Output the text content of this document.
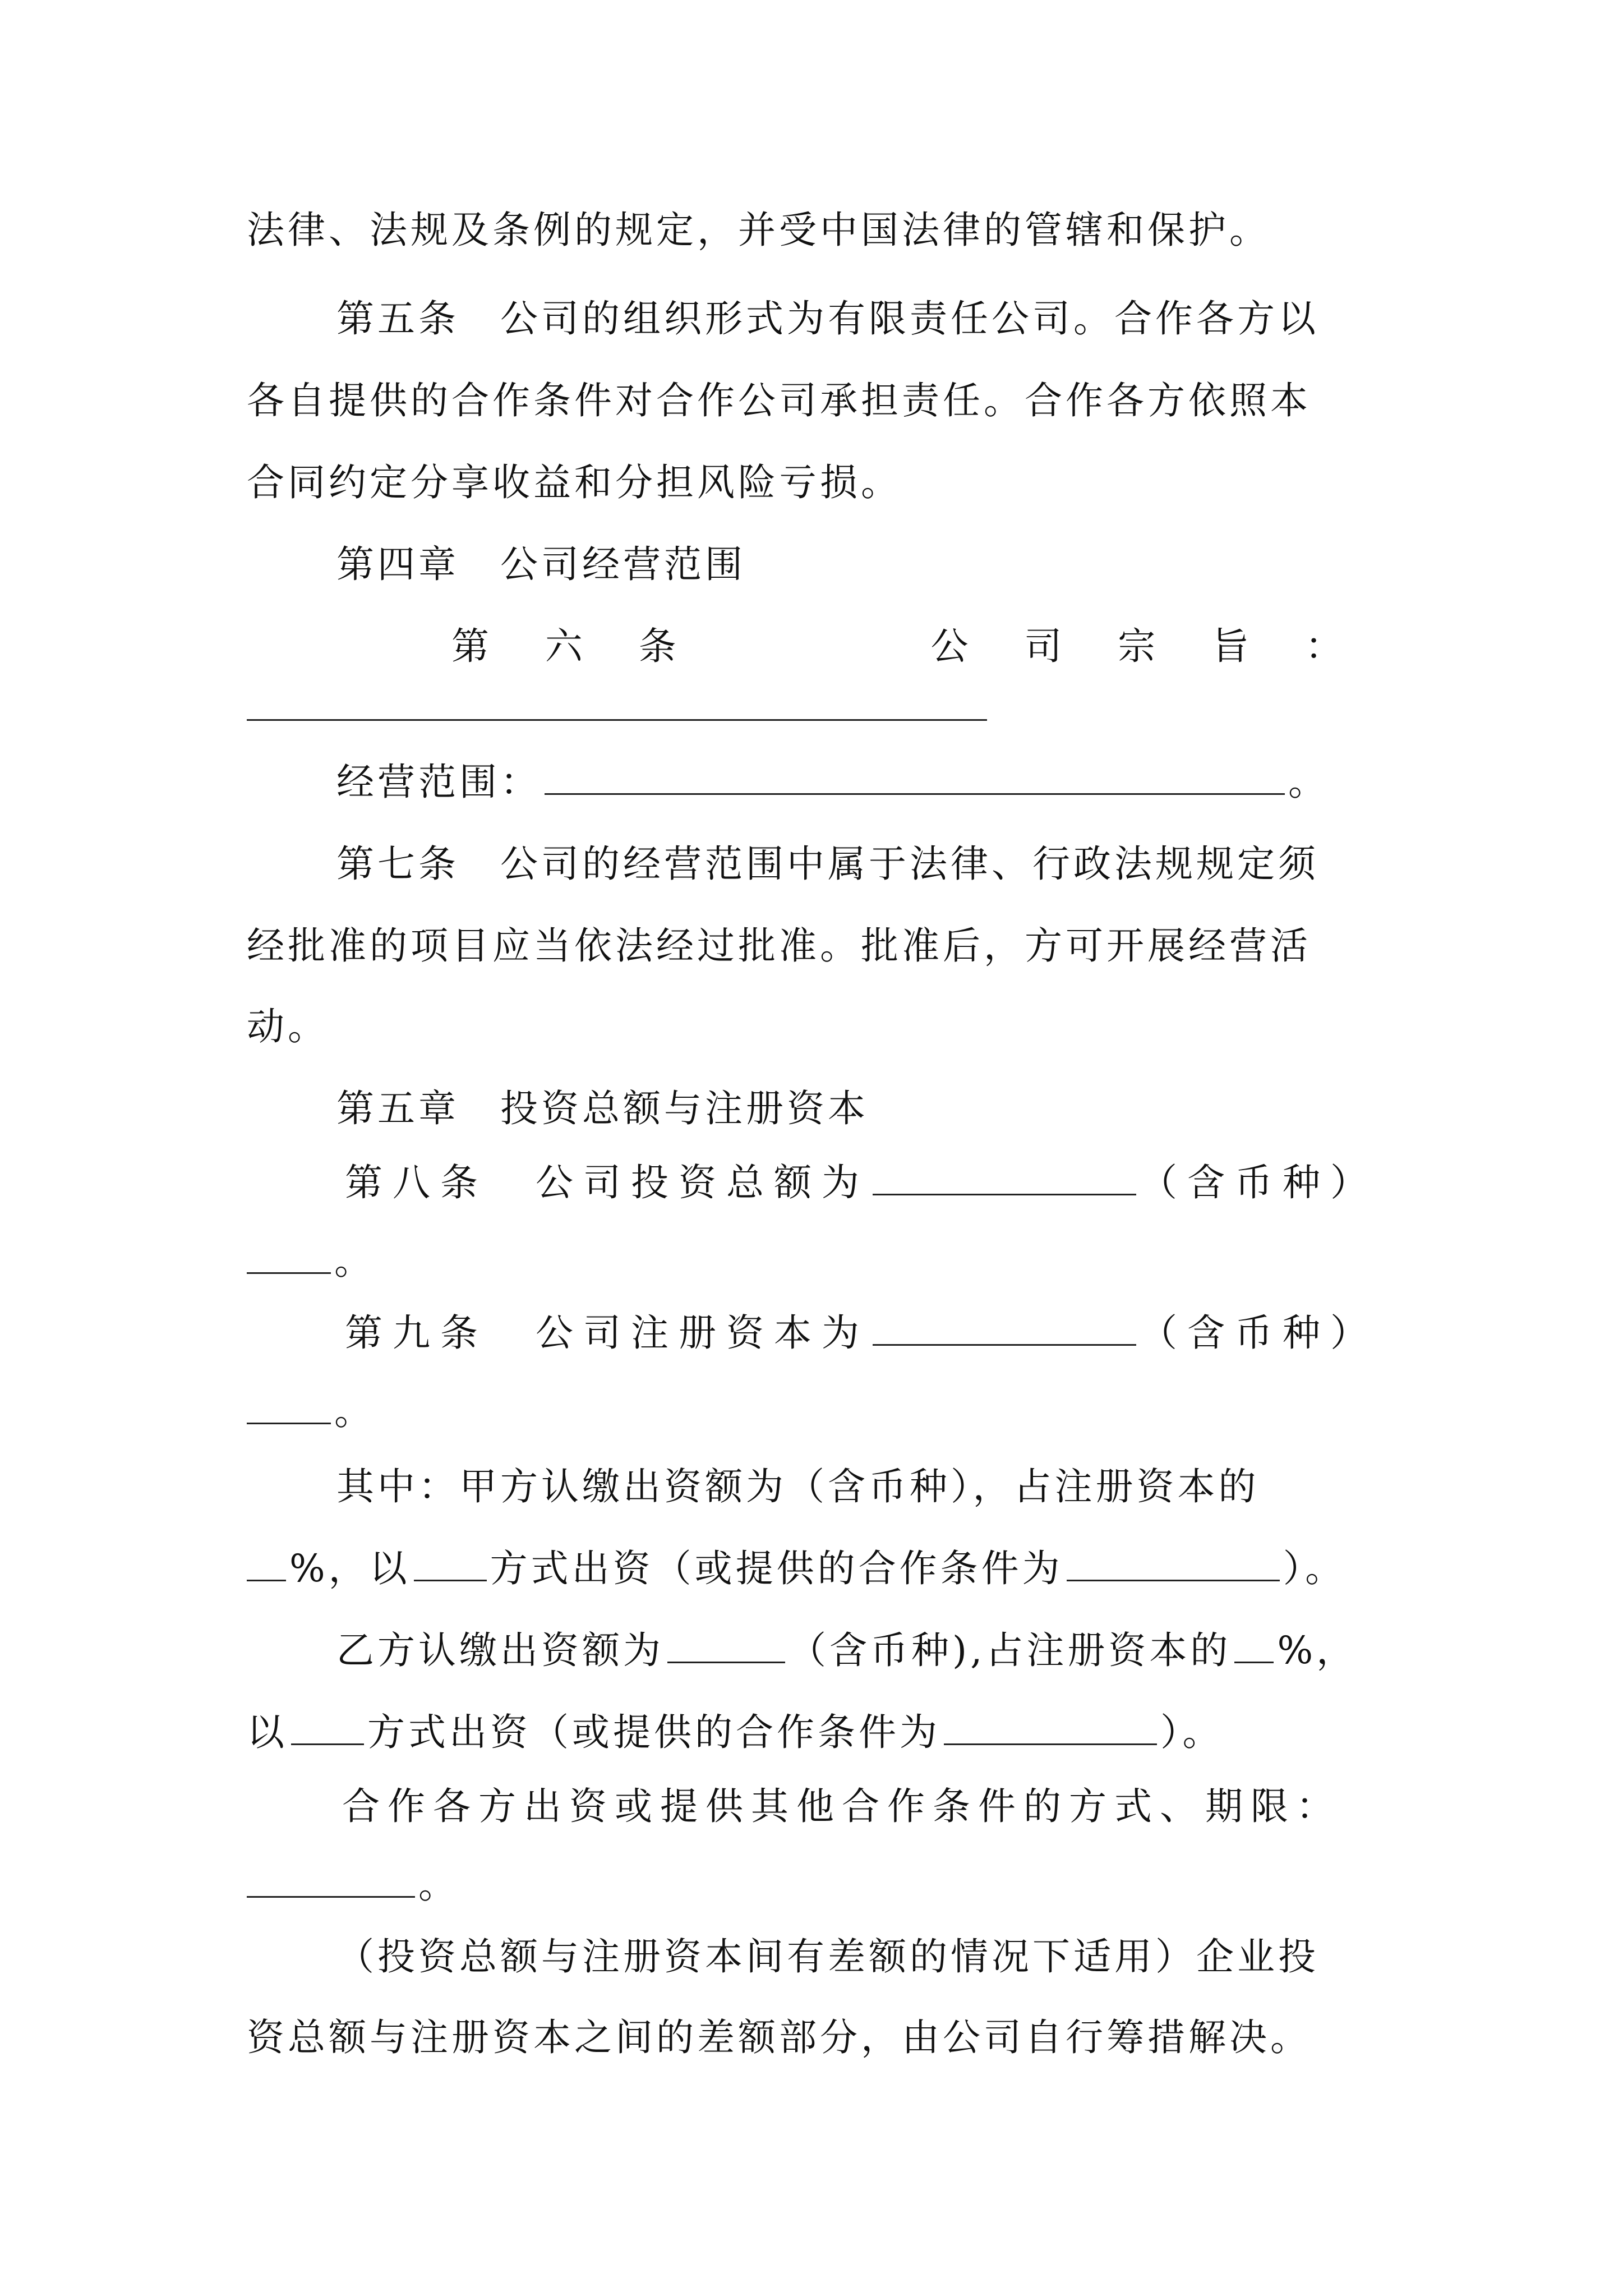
法律、法规及条例的规定，并受中国法律的管辖和保护。
第五条　公司的组织形式为有限责任公司。合作各方以
各自提供的合作条件对合作公司承担责任。合作各方依照本
合同约定分享收益和分担风险亏损。
第四章　公司经营范围
第 六 条	公 司 宗 旨 ：
经营范围：	。
第七条　公司的经营范围中属于法律、行政法规规定须
经批准的项目应当依法经过批准。批准后，方可开展经营活
动。
第五章　投资总额与注册资本
第八条　公司投资总额为	（含币种）
。
第九条　公司注册资本为	（含币种）
。
其中：甲方认缴出资额为（含币种），占注册资本的
%，以 方式出资（或提供的合作条件为	）。
乙方认缴出资额为	（含币种),占注册资本的 %，
以 方式出资（或提供的合作条件为	）。
合作各方出资或提供其他合作条件的方式、期限：
。
（投资总额与注册资本间有差额的情况下适用）企业投
资总额与注册资本之间的差额部分，由公司自行筹措解决。
